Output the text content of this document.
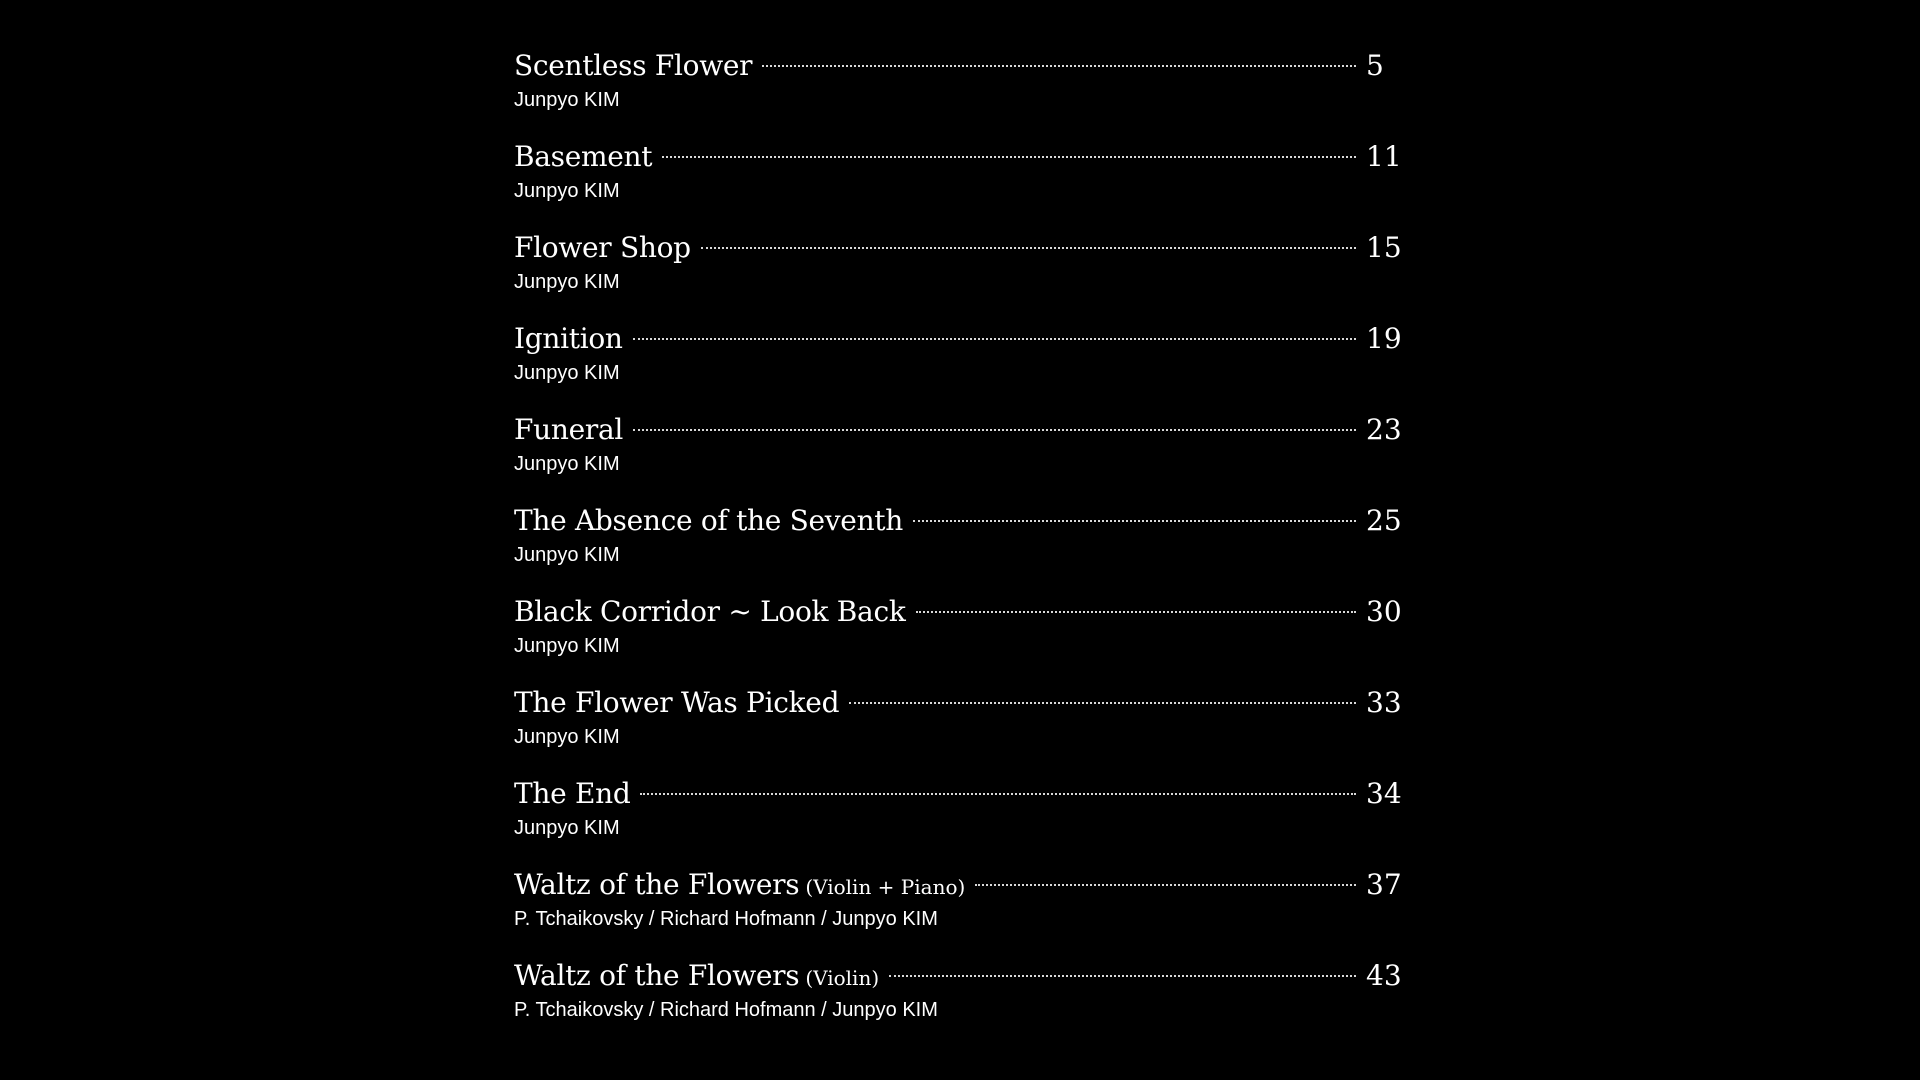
Scentless Flower	5
Junpyo KIM
Basement	11
Junpyo KIM
Flower Shop	15
Junpyo KIM
Ignition	19
Junpyo KIM
Funeral	23
Junpyo KIM
The Absence of the Seventh	25
Junpyo KIM
Black Corridor ~ Look Back	30
Junpyo KIM
The Flower Was Picked	33
Junpyo KIM
The End	34
Junpyo KIM
Waltz of the Flowers (Violin + Piano)	37
P. Tchaikovsky / Richard Hofmann / Junpyo KIM
Waltz of the Flowers (Violin)	43
P. Tchaikovsky / Richard Hofmann / Junpyo KIM
